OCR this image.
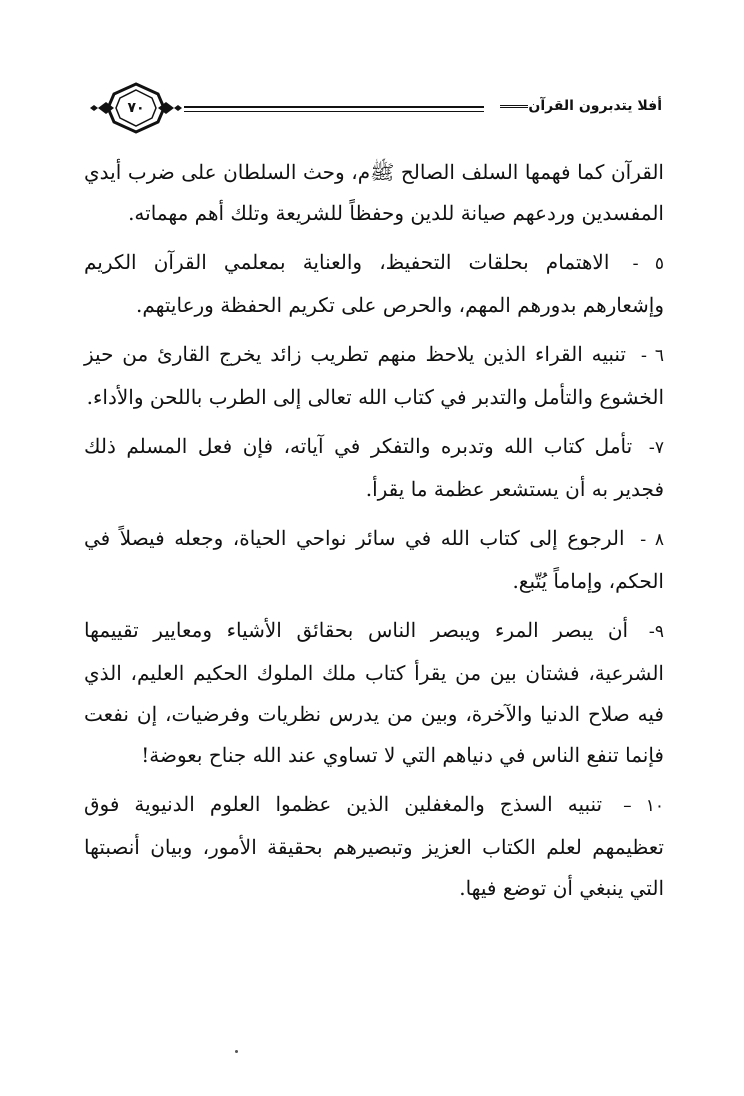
٧٠	أفلا يتدبرون القرآن

القرآن كما فهمها السلف الصالح ﷺم، وحث السلطان على ضرب أيدي المفسدين وردعهم صيانة للدين وحفظاً للشريعة وتلك أهم مهماته.

٥ - الاهتمام بحلقات التحفيظ، والعناية بمعلمي القرآن الكريم وإشعارهم بدورهم المهم، والحرص على تكريم الحفظة ورعايتهم.

٦ - تنبيه القراء الذين يلاحظ منهم تطريب زائد يخرج القارئ من حيز الخشوع والتأمل والتدبر في كتاب الله تعالى إلى الطرب باللحن والأداء.

٧- تأمل كتاب الله وتدبره والتفكر في آياته، فإن فعل المسلم ذلك فجدير به أن يستشعر عظمة ما يقرأ.

٨ - الرجوع إلى كتاب الله في سائر نواحي الحياة، وجعله فيصلاً في الحكم، وإماماً يُتّبع.

٩- أن يبصر المرء ويبصر الناس بحقائق الأشياء ومعايير تقييمها الشرعية، فشتان بين من يقرأ كتاب ملك الملوك الحكيم العليم، الذي فيه صلاح الدنيا والآخرة، وبين من يدرس نظريات وفرضيات، إن نفعت فإنما تنفع الناس في دنياهم التي لا تساوي عند الله جناح بعوضة!

١٠ – تنبيه السذج والمغفلين الذين عظموا العلوم الدنيوية فوق تعظيمهم لعلم الكتاب العزيز وتبصيرهم بحقيقة الأمور، وبيان أنصبتها التي ينبغي أن توضع فيها.
